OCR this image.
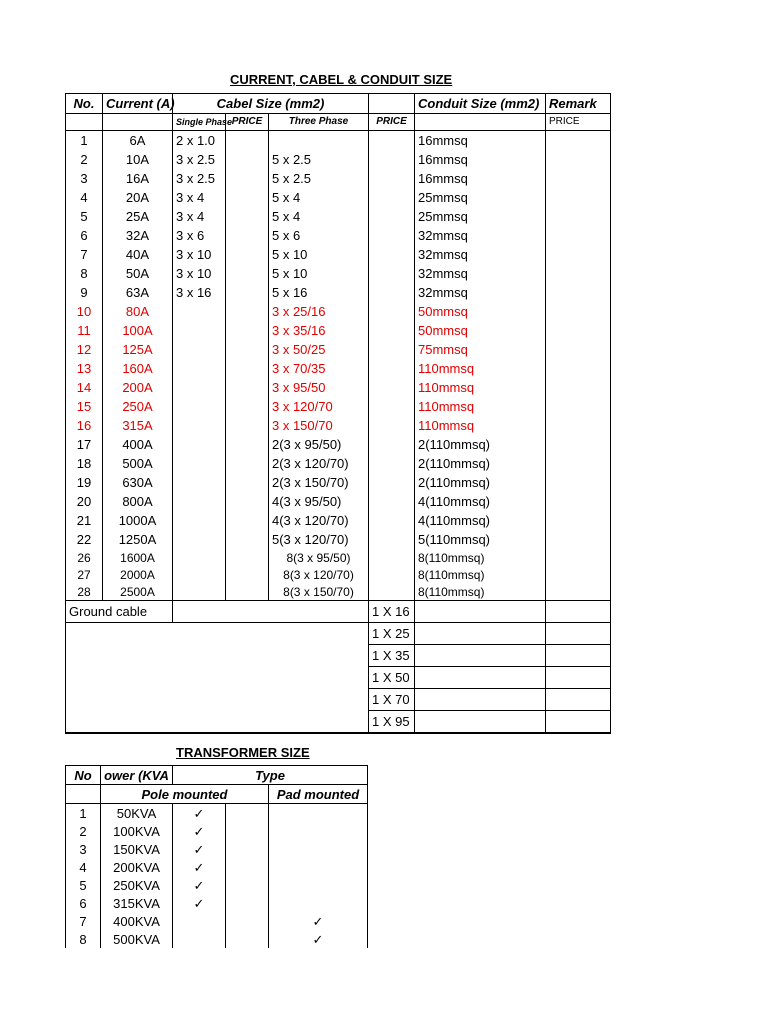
CURRENT, CABEL & CONDUIT SIZE
No.	Current (A)	Cabel Size (mm2)				Conduit Size (mm2)	Remark
		Single Phase	PRICE	Three Phase	PRICE		PRICE
1	6A	2 x 1.0				16mmsq	
2	10A	3 x 2.5		5 x 2.5		16mmsq	
3	16A	3 x 2.5		5 x 2.5		16mmsq	
4	20A	3 x 4		5 x 4		25mmsq	
5	25A	3 x 4		5 x 4		25mmsq	
6	32A	3 x 6		5 x 6		32mmsq	
7	40A	3 x 10		5 x 10		32mmsq	
8	50A	3 x 10		5 x 10		32mmsq	
9	63A	3 x 16		5 x 16		32mmsq	
10	80A			3 x 25/16		50mmsq	
11	100A			3 x 35/16		50mmsq	
12	125A			3 x 50/25		75mmsq	
13	160A			3 x 70/35		110mmsq	
14	200A			3 x 95/50		110mmsq	
15	250A			3 x 120/70		110mmsq	
16	315A			3 x 150/70		110mmsq	
17	400A			2(3 x 95/50)		2(110mmsq)	
18	500A			2(3 x 120/70)		2(110mmsq)	
19	630A			2(3 x 150/70)		2(110mmsq)	
20	800A			4(3 x 95/50)		4(110mmsq)	
21	1000A			4(3 x 120/70)		4(110mmsq)	
22	1250A			5(3 x 120/70)		5(110mmsq)	
26	1600A			8(3 x 95/50)		8(110mmsq)	
27	2000A			8(3 x 120/70)		8(110mmsq)	
28	2500A			8(3 x 150/70)		8(110mmsq)	
Ground cable					1 X 16		
					1 X 25		
					1 X 35		
					1 X 50		
					1 X 70		
					1 X 95		
TRANSFORMER SIZE
No	ower (KVA	Type		
	Pole mounted			Pad mounted
1	50KVA	✓		
2	100KVA	✓		
3	150KVA	✓		
4	200KVA	✓		
5	250KVA	✓		
6	315KVA	✓		
7	400KVA			✓
8	500KVA			✓
